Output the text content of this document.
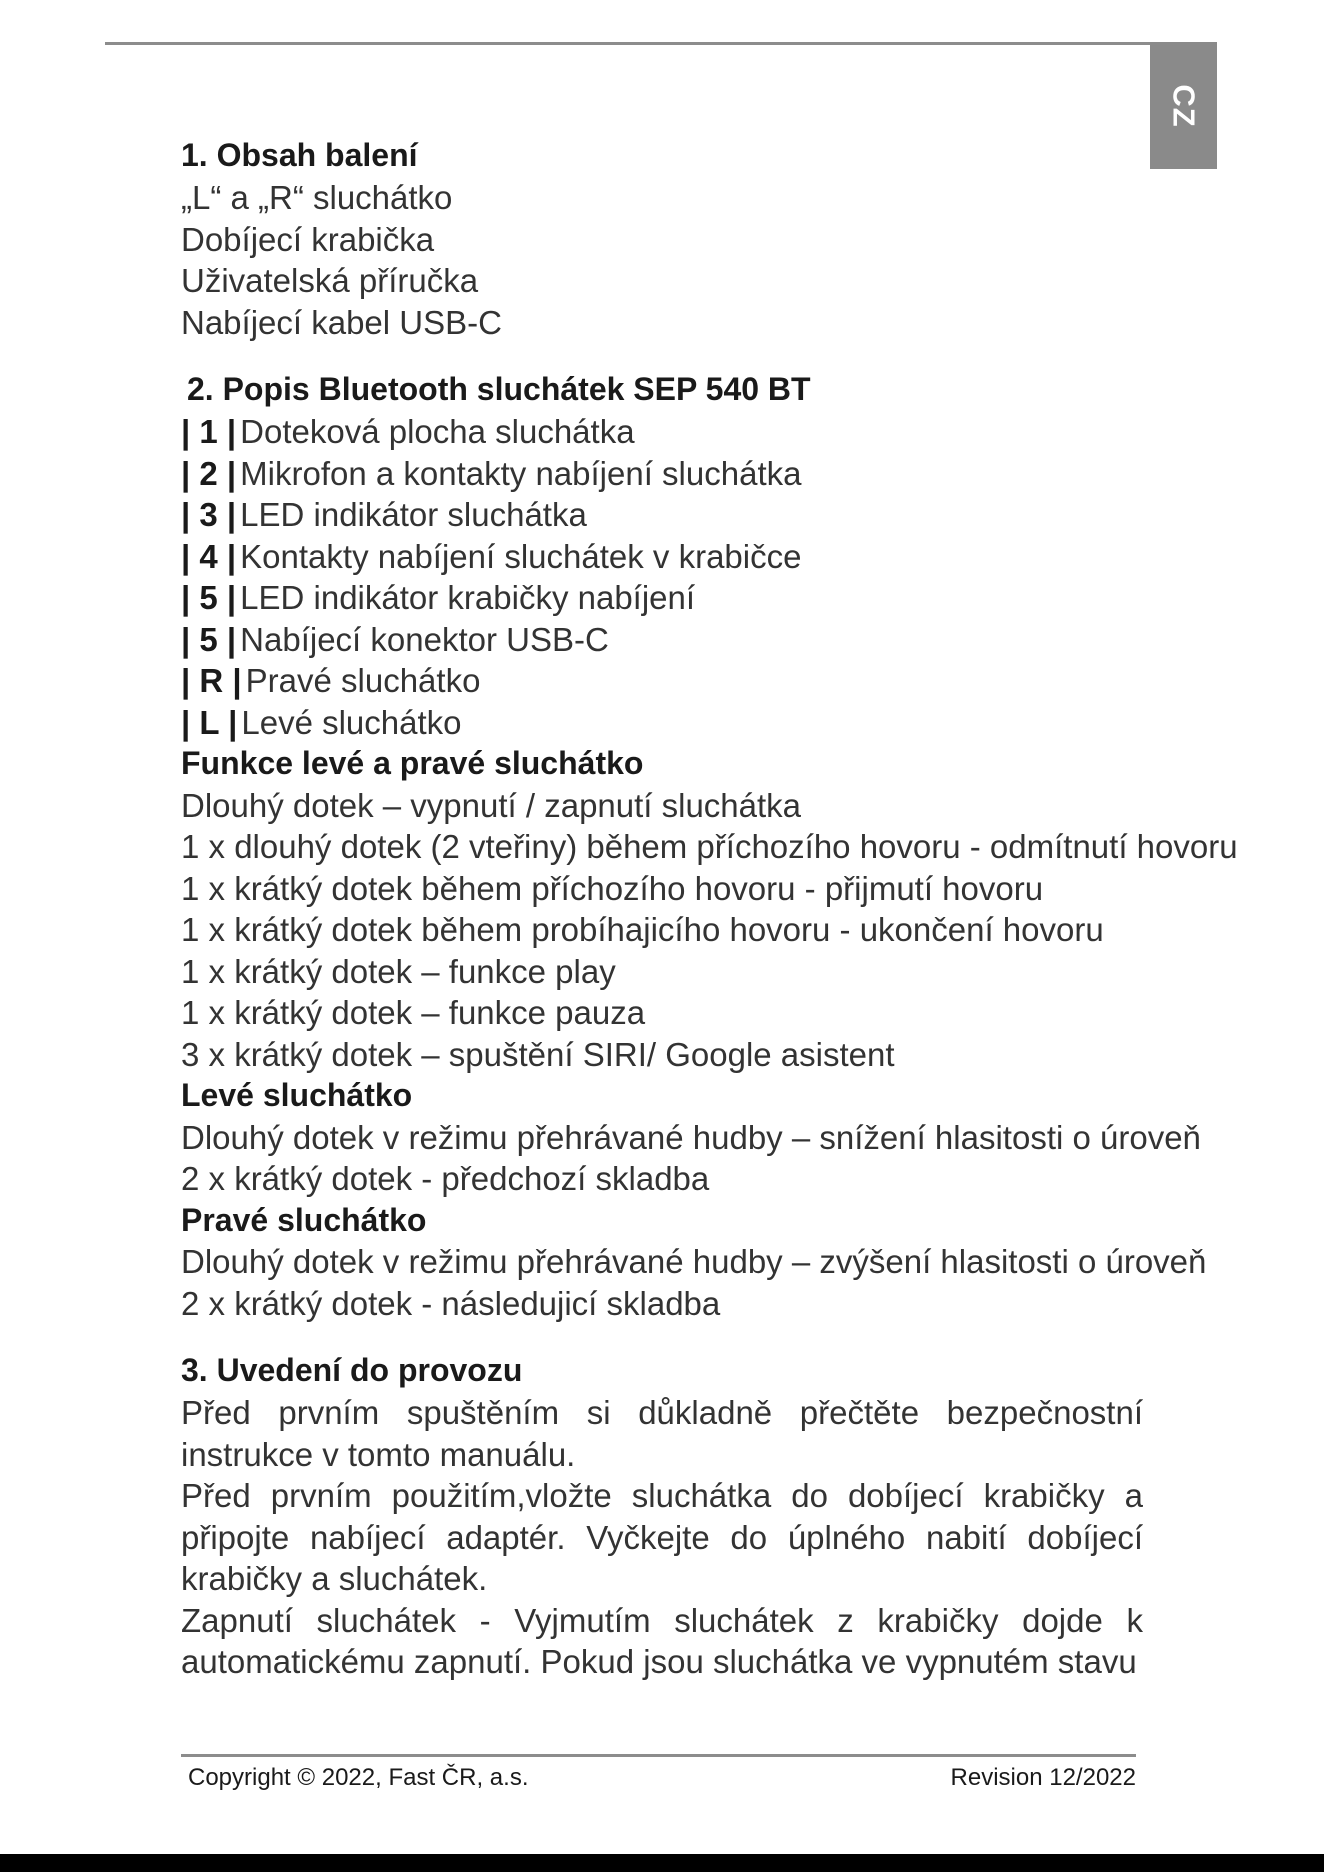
CZ
1. Obsah balení

„L“ a „R“ sluchátko

Dobíjecí krabička

Uživatelská příručka

Nabíjecí kabel USB-C

2. Popis Bluetooth sluchátek SEP 540 BT

| 1 | Doteková plocha sluchátka

| 2 | Mikrofon a kontakty nabíjení sluchátka

| 3 | LED indikátor sluchátka

| 4 | Kontakty nabíjení sluchátek v krabičce

| 5 | LED indikátor krabičky nabíjení

| 5 | Nabíjecí konektor USB-C

| R | Pravé sluchátko

| L | Levé sluchátko

Funkce levé a pravé sluchátko

Dlouhý dotek – vypnutí / zapnutí sluchátka

1 x dlouhý dotek (2 vteřiny) během příchozího hovoru - odmítnutí hovoru

1 x krátký dotek během příchozího hovoru - přijmutí hovoru

1 x krátký dotek během probíhajicího hovoru - ukončení hovoru

1 x krátký dotek – funkce play

1 x krátký dotek – funkce pauza

3 x krátký dotek – spuštění SIRI/ Google asistent

Levé sluchátko

Dlouhý dotek v režimu přehrávané hudby – snížení hlasitosti o úroveň

2 x krátký dotek - předchozí skladba

Pravé sluchátko

Dlouhý dotek v režimu přehrávané hudby – zvýšení hlasitosti o úroveň

2 x krátký dotek - následujicí skladba

3. Uvedení do provozu

Před prvním spuštěním si důkladně přečtěte bezpečnostní instrukce v tomto manuálu.

Před prvním použitím,vložte sluchátka do dobíjecí krabičky a připojte nabíjecí adaptér. Vyčkejte do úplného nabití dobíjecí krabičky a sluchátek.

Zapnutí sluchátek - Vyjmutím sluchátek z krabičky dojde k automatickému zapnutí. Pokud jsou sluchátka ve vypnutém stavu

Copyright © 2022, Fast ČR, a.s.	Revision 12/2022
